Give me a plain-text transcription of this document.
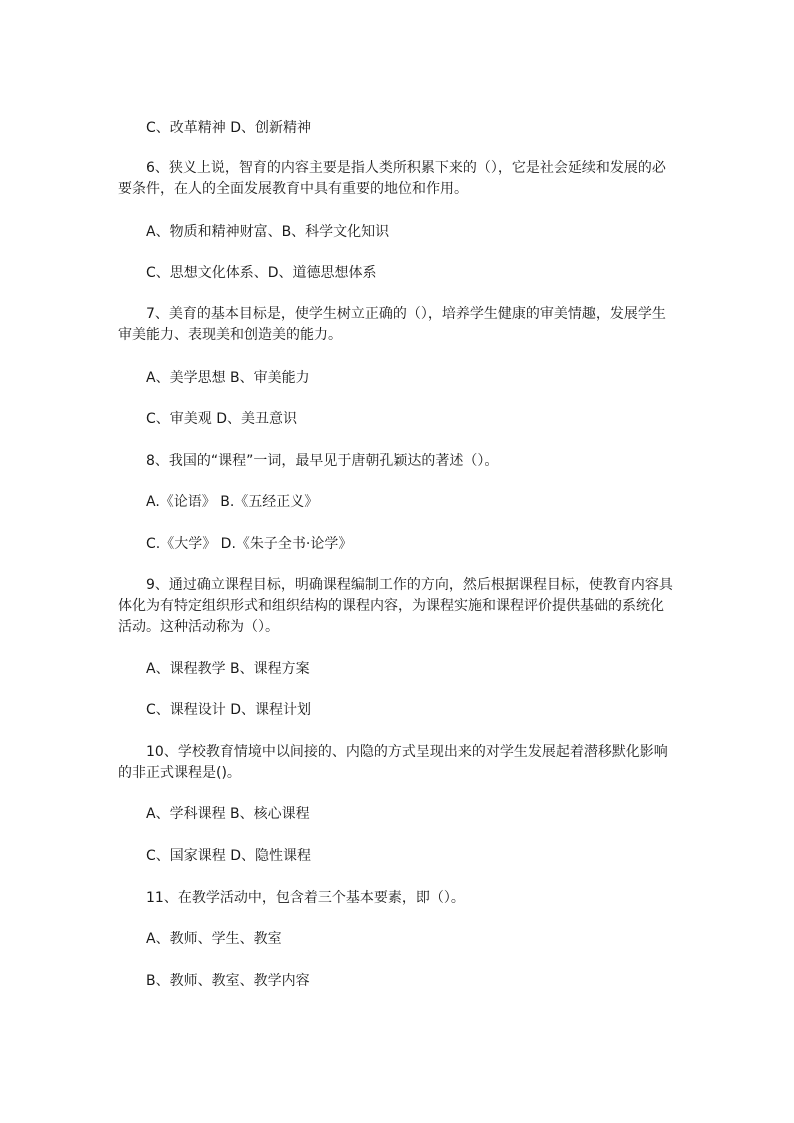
C、改革精神 D、创新精神

6、狭义上说，智育的内容主要是指人类所积累下来的（），它是社会延续和发展的必
要条件，在人的全面发展教育中具有重要的地位和作用。

A、物质和精神财富、B、科学文化知识

C、思想文化体系、D、道德思想体系

7、美育的基本目标是，使学生树立正确的（），培养学生健康的审美情趣，发展学生
审美能力、表现美和创造美的能力。

A、美学思想 B、审美能力

C、审美观 D、美丑意识

8、我国的“课程”一词，最早见于唐朝孔颖达的著述（）。

A.《论语》 B.《五经正义》

C.《大学》 D.《朱子全书·论学》

9、通过确立课程目标，明确课程编制工作的方向，然后根据课程目标，使教育内容具
体化为有特定组织形式和组织结构的课程内容，为课程实施和课程评价提供基础的系统化
活动。这种活动称为（）。

A、课程教学 B、课程方案

C、课程设计 D、课程计划

10、学校教育情境中以间接的、内隐的方式呈现出来的对学生发展起着潜移默化影响
的非正式课程是()。

A、学科课程 B、核心课程

C、国家课程 D、隐性课程

11、在教学活动中，包含着三个基本要素，即（）。

A、教师、学生、教室

B、教师、教室、教学内容
